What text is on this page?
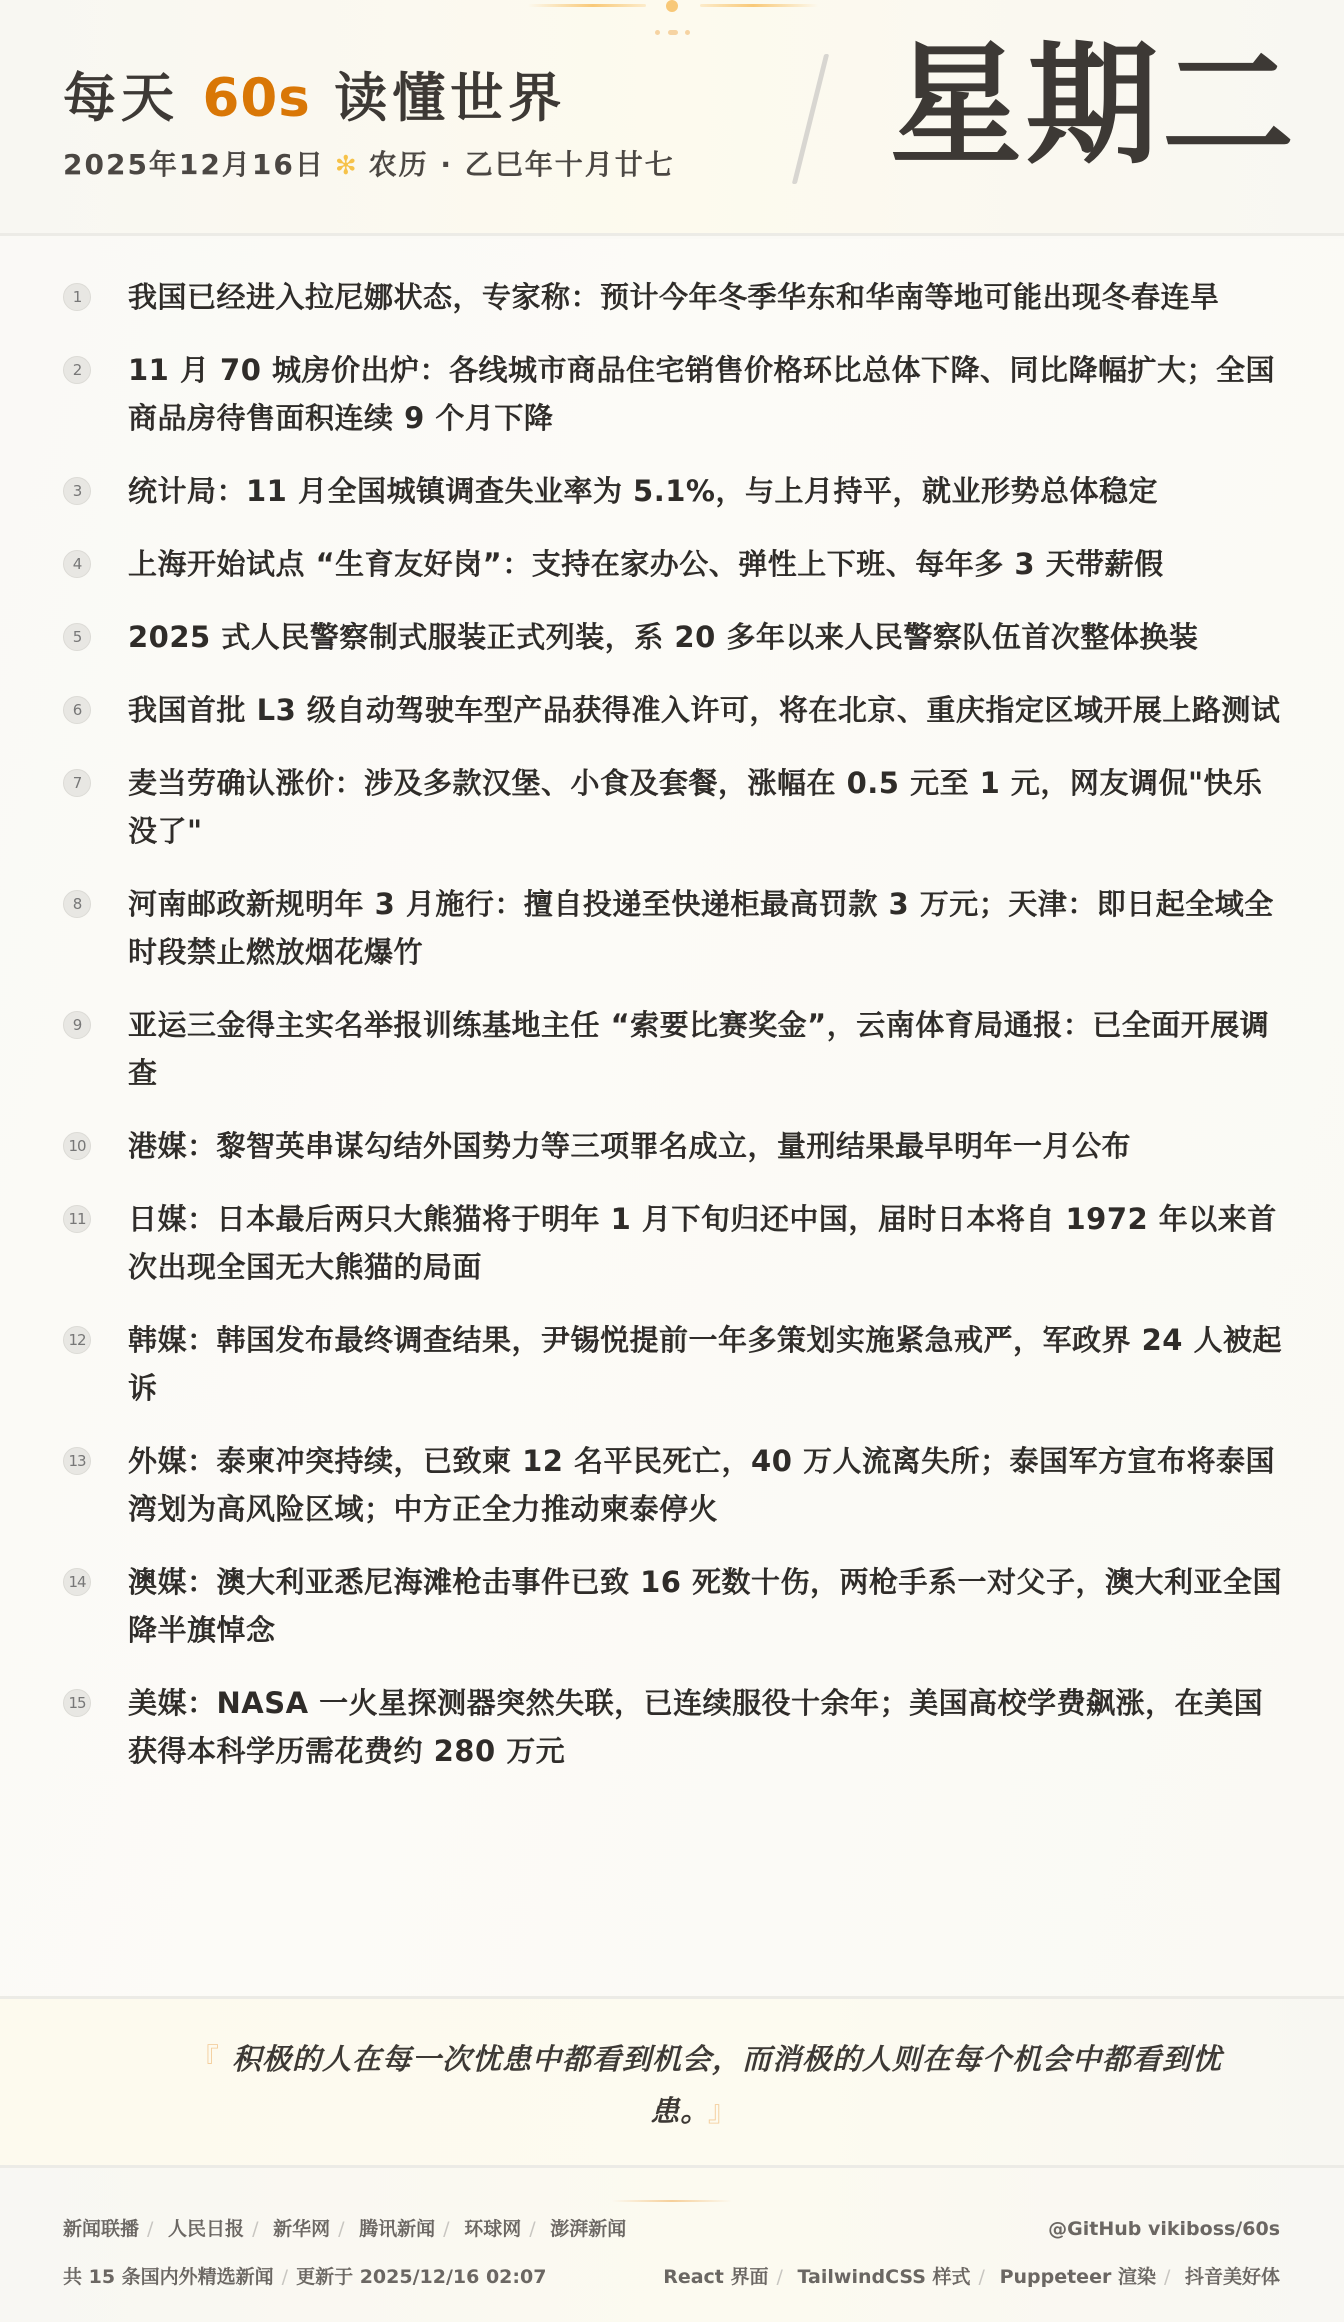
每天 60s 读懂世界
2025年12月16日 ✻ 农历 · 乙巳年十月廿七 星期二
1	我国已经进入拉尼娜状态，专家称：预计今年冬季华东和华南等地可能出现冬春连旱
2	11 月 70 城房价出炉：各线城市商品住宅销售价格环比总体下降、同比降幅扩大；全国商品房待售面积连续 9 个月下降
3	统计局：11 月全国城镇调查失业率为 5.1%，与上月持平，就业形势总体稳定
4	上海开始试点 “生育友好岗”：支持在家办公、弹性上下班、每年多 3 天带薪假
5	2025 式人民警察制式服装正式列装，系 20 多年以来人民警察队伍首次整体换装
6	我国首批 L3 级自动驾驶车型产品获得准入许可，将在北京、重庆指定区域开展上路测试
7	麦当劳确认涨价：涉及多款汉堡、小食及套餐，涨幅在 0.5 元至 1 元，网友调侃"快乐没了"
8	河南邮政新规明年 3 月施行：擅自投递至快递柜最高罚款 3 万元；天津：即日起全域全时段禁止燃放烟花爆竹
9	亚运三金得主实名举报训练基地主任 “索要比赛奖金”，云南体育局通报：已全面开展调查
10 港媒：黎智英串谋勾结外国势力等三项罪名成立，量刑结果最早明年一月公布
11 日媒：日本最后两只大熊猫将于明年 1 月下旬归还中国，届时日本将自 1972 年以来首次出现全国无大熊猫的局面
12 韩媒：韩国发布最终调查结果，尹锡悦提前一年多策划实施紧急戒严，军政界 24 人被起诉
13 外媒：泰柬冲突持续，已致柬 12 名平民死亡，40 万人流离失所；泰国军方宣布将泰国湾划为高风险区域；中方正全力推动柬泰停火
14 澳媒：澳大利亚悉尼海滩枪击事件已致 16 死数十伤，两枪手系一对父子，澳大利亚全国降半旗悼念
15 美媒：NASA 一火星探测器突然失联，已连续服役十余年；美国高校学费飙涨，在美国获得本科学历需花费约 280 万元

『 积极的人在每一次忧患中都看到机会，而消极的人则在每个机会中都看到忧患。 』

新闻联播 / 人民日报 / 新华网 / 腾讯新闻 / 环球网 / 澎湃新闻
共 15 条国内外精选新闻 / 更新于 2025/12/16 02:07
@GitHub vikiboss/60s
React 界面 / TailwindCSS 样式 / Puppeteer 渲染 / 抖音美好体
